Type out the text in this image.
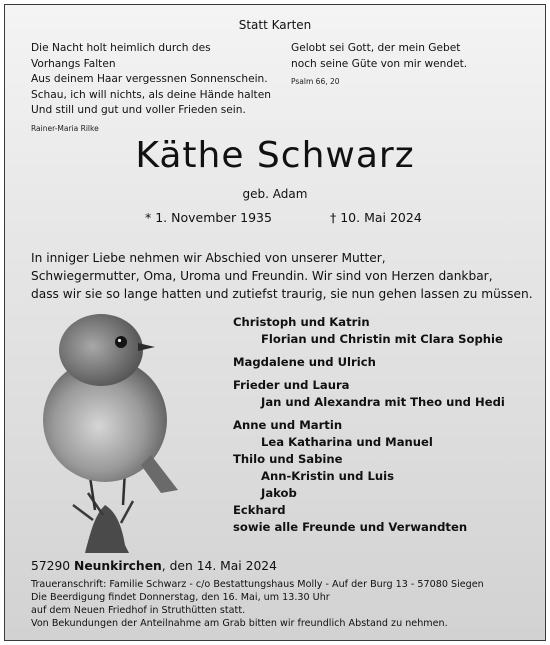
Statt Karten
Die Nacht holt heimlich durch des
Vorhangs Falten
Aus deinem Haar vergessnen Sonnenschein.
Schau, ich will nichts, als deine Hände halten
Und still und gut und voller Frieden sein.
Rainer-Maria Rilke
Gelobt sei Gott, der mein Gebet
noch seine Güte von mir wendet.
Psalm 66, 20
Käthe Schwarz
geb. Adam
* 1. November 1935	† 10. Mai 2024
In inniger Liebe nehmen wir Abschied von unserer Mutter,
Schwiegermutter, Oma, Uroma und Freundin. Wir sind von Herzen dankbar,
dass wir sie so lange hatten und zutiefst traurig, sie nun gehen lassen zu müssen.
Christoph und Katrin
Florian und Christin mit Clara Sophie
Magdalene und Ulrich
Frieder und Laura
Jan und Alexandra mit Theo und Hedi
Anne und Martin
Lea Katharina und Manuel
Thilo und Sabine
Ann-Kristin und Luis
Jakob
Eckhard
sowie alle Freunde und Verwandten
57290 Neunkirchen, den 14. Mai 2024
Traueranschrift: Familie Schwarz - c/o Bestattungshaus Molly - Auf der Burg 13 - 57080 Siegen
Die Beerdigung findet Donnerstag, den 16. Mai, um 13.30 Uhr
auf dem Neuen Friedhof in Struthütten statt.
Von Bekundungen der Anteilnahme am Grab bitten wir freundlich Abstand zu nehmen.
